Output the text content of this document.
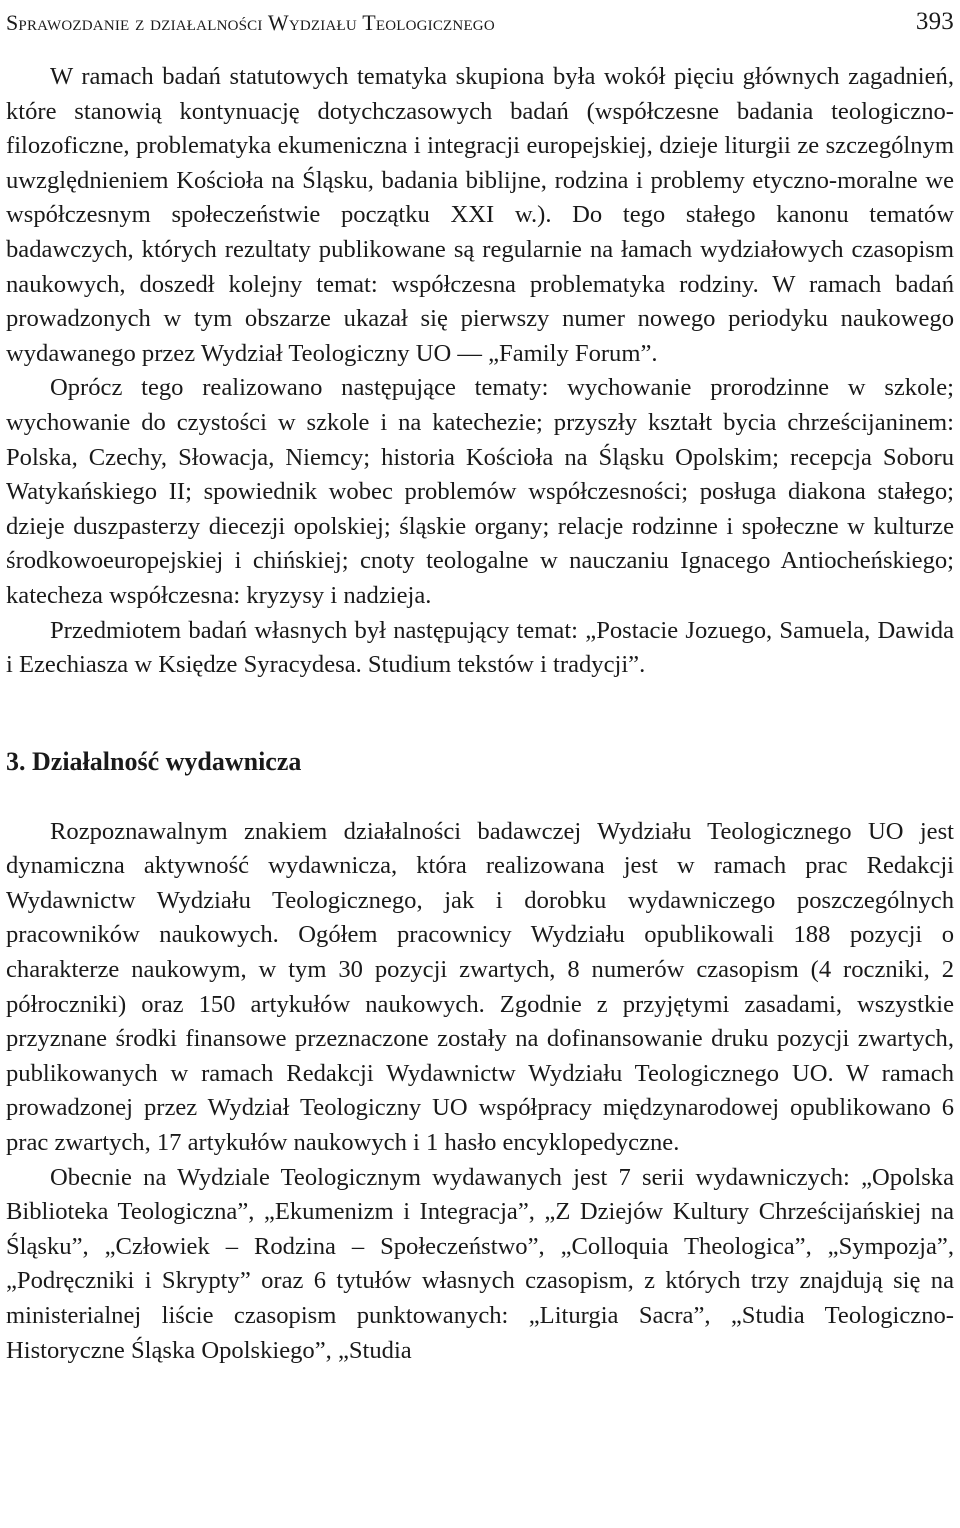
Sprawozdanie z działalności Wydziału Teologicznego	393

W ramach badań statutowych tematyka skupiona była wokół pięciu głównych zagadnień, które stanowią kontynuację dotychczasowych badań (współczesne badania teologiczno-filozoficzne, problematyka ekumeniczna i integracji europejskiej, dzieje liturgii ze szczególnym uwzględnieniem Kościoła na Śląsku, badania biblijne, rodzina i problemy etyczno-moralne we współczesnym społeczeństwie początku XXI w.). Do tego stałego kanonu tematów badawczych, których rezultaty publikowane są regularnie na łamach wydziałowych czasopism naukowych, doszedł kolejny temat: współczesna problematyka rodziny. W ramach badań prowadzonych w tym obszarze ukazał się pierwszy numer nowego periodyku naukowego wydawanego przez Wydział Teologiczny UO — „Family Forum”.

Oprócz tego realizowano następujące tematy: wychowanie prorodzinne w szkole; wychowanie do czystości w szkole i na katechezie; przyszły kształt bycia chrześcijaninem: Polska, Czechy, Słowacja, Niemcy; historia Kościoła na Śląsku Opolskim; recepcja Soboru Watykańskiego II; spowiednik wobec problemów współczesności; posługa diakona stałego; dzieje duszpasterzy diecezji opolskiej; śląskie organy; relacje rodzinne i społeczne w kulturze środkowoeuropejskiej i chińskiej; cnoty teologalne w nauczaniu Ignacego Antiocheńskiego; katecheza współczesna: kryzysy i nadzieja.

Przedmiotem badań własnych był następujący temat: „Postacie Jozuego, Samuela, Dawida i Ezechiasza w Księdze Syracydesa. Studium tekstów i tradycji”.

3. Działalność wydawnicza

Rozpoznawalnym znakiem działalności badawczej Wydziału Teologicznego UO jest dynamiczna aktywność wydawnicza, która realizowana jest w ramach prac Redakcji Wydawnictw Wydziału Teologicznego, jak i dorobku wydawniczego poszczególnych pracowników naukowych. Ogółem pracownicy Wydziału opublikowali 188 pozycji o charakterze naukowym, w tym 30 pozycji zwartych, 8 numerów czasopism (4 roczniki, 2 półroczniki) oraz 150 artykułów naukowych. Zgodnie z przyjętymi zasadami, wszystkie przyznane środki finansowe przeznaczone zostały na dofinansowanie druku pozycji zwartych, publikowanych w ramach Redakcji Wydawnictw Wydziału Teologicznego UO. W ramach prowadzonej przez Wydział Teologiczny UO współpracy międzynarodowej opublikowano 6 prac zwartych, 17 artykułów naukowych i 1 hasło encyklopedyczne.

Obecnie na Wydziale Teologicznym wydawanych jest 7 serii wydawniczych: „Opolska Biblioteka Teologiczna”, „Ekumenizm i Integracja”, „Z Dziejów Kultury Chrześcijańskiej na Śląsku”, „Człowiek – Rodzina – Społeczeństwo”, „Colloquia Theologica”, „Sympozja”, „Podręczniki i Skrypty” oraz 6 tytułów własnych czasopism, z których trzy znajdują się na ministerialnej liście czasopism punktowanych: „Liturgia Sacra”, „Studia Teologiczno-Historyczne Śląska Opolskiego”, „Studia
